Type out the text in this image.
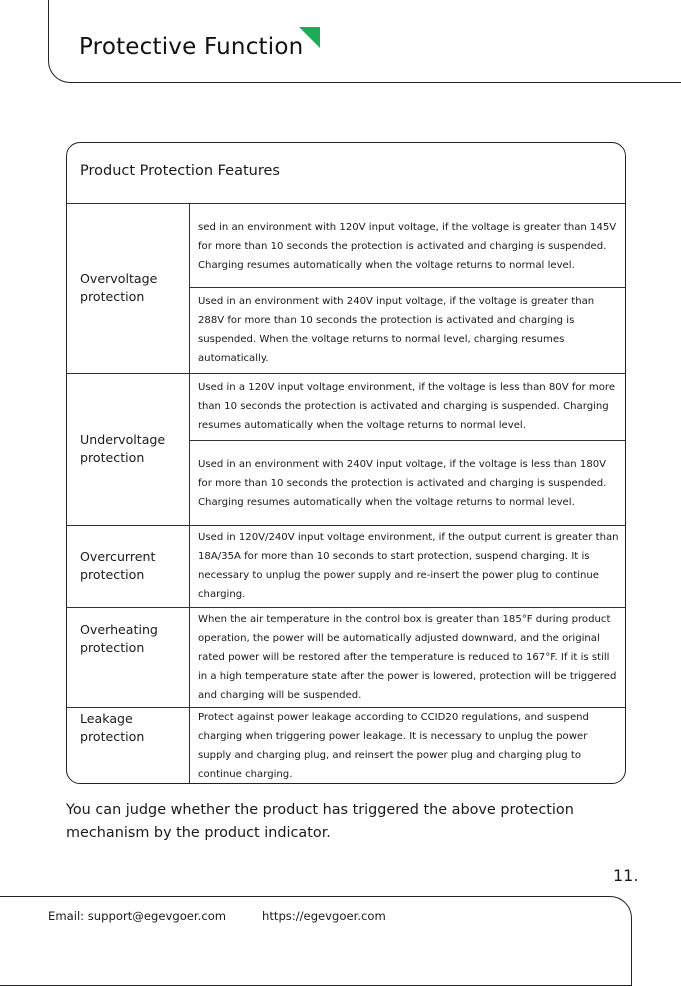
Protective Function
Product Protection Features
Overvoltage protection
sed in an environment with 120V input voltage, if the voltage is greater than 145V for more than 10 seconds the protection is activated and charging is suspended. Charging resumes automatically when the voltage returns to normal level.
Used in an environment with 240V input voltage, if the voltage is greater than 288V for more than 10 seconds the protection is activated and charging is suspended. When the voltage returns to normal level, charging resumes automatically.
Undervoltage protection
Used in a 120V input voltage environment, if the voltage is less than 80V for more than 10 seconds the protection is activated and charging is suspended. Charging resumes automatically when the voltage returns to normal level.
Used in an environment with 240V input voltage, if the voltage is less than 180V for more than 10 seconds the protection is activated and charging is suspended. Charging resumes automatically when the voltage returns to normal level.
Overcurrent protection
Used in 120V/240V input voltage environment, if the output current is greater than 18A/35A for more than 10 seconds to start protection, suspend charging. It is necessary to unplug the power supply and re-insert the power plug to continue charging.
Overheating protection
When the air temperature in the control box is greater than 185°F during product operation, the power will be automatically adjusted downward, and the original rated power will be restored after the temperature is reduced to 167°F. If it is still in a high temperature state after the power is lowered, protection will be triggered and charging will be suspended.
Leakage protection
Protect against power leakage according to CCID20 regulations, and suspend charging when triggering power leakage. It is necessary to unplug the power supply and charging plug, and reinsert the power plug and charging plug to continue charging.
You can judge whether the product has triggered the above protection mechanism by the product indicator.
11.
Email: support@egevgoer.com	https://egevgoer.com
